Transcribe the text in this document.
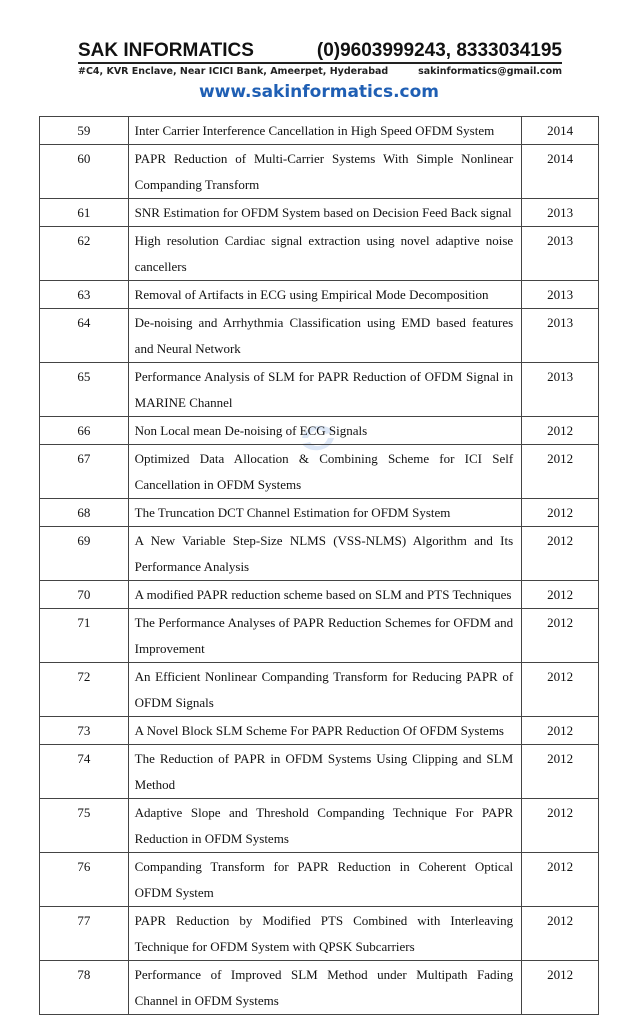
SAK INFORMATICS	(0)9603999243, 8333034195
#C4, KVR Enclave, Near ICICI Bank, Ameerpet, Hyderabad	sakinformatics@gmail.com
www.sakinformatics.com
59	Inter Carrier Interference Cancellation in High Speed OFDM System	2014
60	PAPR Reduction of Multi-Carrier Systems With Simple Nonlinear Companding Transform	2014
61	SNR Estimation for OFDM System based on Decision Feed Back signal	2013
62	High resolution Cardiac signal extraction using novel adaptive noise cancellers	2013
63	Removal of Artifacts in ECG using Empirical Mode Decomposition	2013
64	De-noising and Arrhythmia Classification using EMD based features and Neural Network	2013
65	Performance Analysis of SLM for PAPR Reduction of OFDM Signal in MARINE Channel	2013
66	Non Local mean De-noising of ECG Signals	2012
67	Optimized Data Allocation & Combining Scheme for ICI Self Cancellation in OFDM Systems	2012
68	The Truncation DCT Channel Estimation for OFDM System	2012
69	A New Variable Step-Size NLMS (VSS-NLMS) Algorithm and Its Performance Analysis	2012
70	A modified PAPR reduction scheme based on SLM and PTS Techniques	2012
71	The Performance Analyses of PAPR Reduction Schemes for OFDM and Improvement	2012
72	An Efficient Nonlinear Companding Transform for Reducing PAPR of OFDM Signals	2012
73	A Novel Block SLM Scheme For PAPR Reduction Of OFDM Systems	2012
74	The Reduction of PAPR in OFDM Systems Using Clipping and SLM Method	2012
75	Adaptive Slope and Threshold Companding Technique For PAPR Reduction in OFDM Systems	2012
76	Companding Transform for PAPR Reduction in Coherent Optical OFDM System	2012
77	PAPR Reduction by Modified PTS Combined with Interleaving Technique for OFDM System with QPSK Subcarriers	2012
78	Performance of Improved SLM Method under Multipath Fading Channel in OFDM Systems	2012
